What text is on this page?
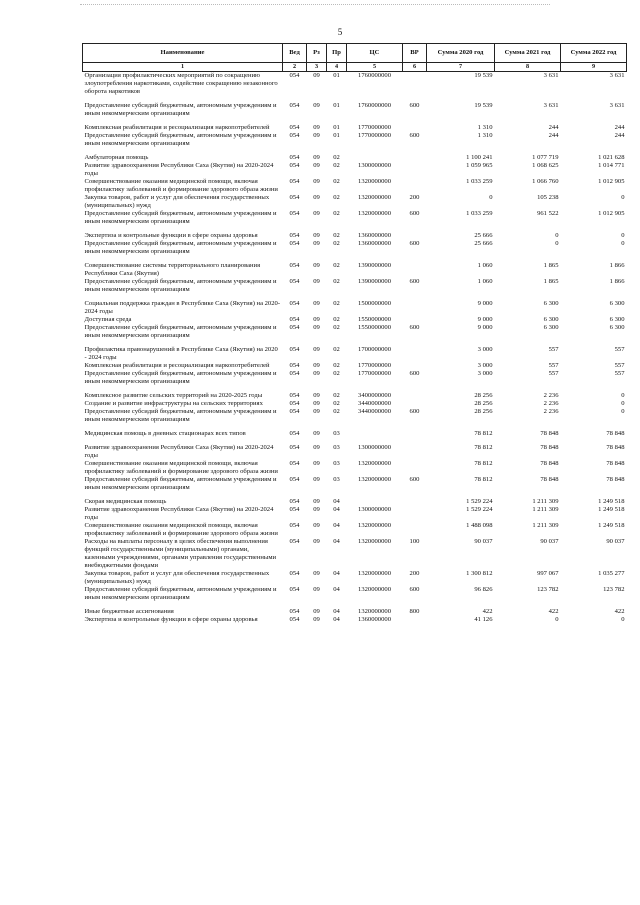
5
Наименование	Вед	Рз	Пр	ЦС	ВР	Сумма 2020 год	Сумма 2021 год	Сумма 2022 год
1	2	3	4	5	6	7	8	9
Организация профилактических мероприятий по сокращению злоупотребления наркотиками, содействие сокращению незаконного оборота наркотиков	054	09	01	1760000000		19 539	3 631	3 631

Предоставление субсидий бюджетным, автономным учреждениям и иным некоммерческим организациям	054	09	01	1760000000	600	19 539	3 631	3 631

Комплексная реабилитация и ресоциализация наркопотребителей	054	09	01	1770000000		1 310	244	244
Предоставление субсидий бюджетным, автономным учреждениям и иным некоммерческим организациям	054	09	01	1770000000	600	1 310	244	244

Амбулаторная помощь	054	09	02			1 100 241	1 077 719	1 021 628
Развитие здравоохранения Республики Саха (Якутия) на 2020-2024 годы	054	09	02	1300000000		1 059 965	1 068 625	1 014 771
Совершенствование оказания медицинской помощи, включая профилактику заболеваний и формирование здорового образа жизни	054	09	02	1320000000		1 033 259	1 066 760	1 012 905
Закупка товаров, работ и услуг для обеспечения государственных (муниципальных) нужд	054	09	02	1320000000	200	0	105 238	0
Предоставление субсидий бюджетным, автономным учреждениям и иным некоммерческим организациям	054	09	02	1320000000	600	1 033 259	961 522	1 012 905

Экспертиза и контрольные функции в сфере охраны здоровья	054	09	02	1360000000		25 666	0	0
Предоставление субсидий бюджетным, автономным учреждениям и иным некоммерческим организациям	054	09	02	1360000000	600	25 666	0	0

Совершенствование системы территориального планирования Республики Саха (Якутия)	054	09	02	1390000000		1 060	1 865	1 866
Предоставление субсидий бюджетным, автономным учреждениям и иным некоммерческим организациям	054	09	02	1390000000	600	1 060	1 865	1 866

Социальная поддержка граждан в Республике Саха (Якутия) на 2020-2024 годы	054	09	02	1500000000		9 000	6 300	6 300
Доступная среда	054	09	02	1550000000		9 000	6 300	6 300
Предоставление субсидий бюджетным, автономным учреждениям и иным некоммерческим организациям	054	09	02	1550000000	600	9 000	6 300	6 300

Профилактика правонарушений в Республике Саха (Якутия) на 2020 - 2024 годы	054	09	02	1700000000		3 000	557	557
Комплексная реабилитация и ресоциализация наркопотребителей	054	09	02	1770000000		3 000	557	557
Предоставление субсидий бюджетным, автономным учреждениям и иным некоммерческим организациям	054	09	02	1770000000	600	3 000	557	557

Комплексное развитие сельских территорий на 2020-2025 годы	054	09	02	3400000000		28 256	2 236	0
Создание и развитие инфраструктуры на сельских территориях	054	09	02	3440000000		28 256	2 236	0
Предоставление субсидий бюджетным, автономным учреждениям и иным некоммерческим организациям	054	09	02	3440000000	600	28 256	2 236	0

Медицинская помощь в дневных стационарах всех типов	054	09	03			78 812	78 848	78 848

Развитие здравоохранения Республики Саха (Якутия) на 2020-2024 годы	054	09	03	1300000000		78 812	78 848	78 848
Совершенствование оказания медицинской помощи, включая профилактику заболеваний и формирование здорового образа жизни	054	09	03	1320000000		78 812	78 848	78 848
Предоставление субсидий бюджетным, автономным учреждениям и иным некоммерческим организациям	054	09	03	1320000000	600	78 812	78 848	78 848

Скорая медицинская помощь	054	09	04			1 529 224	1 211 309	1 249 518
Развитие здравоохранения Республики Саха (Якутия) на 2020-2024 годы	054	09	04	1300000000		1 529 224	1 211 309	1 249 518
Совершенствование оказания медицинской помощи, включая профилактику заболеваний и формирование здорового образа жизни	054	09	04	1320000000		1 488 098	1 211 309	1 249 518
Расходы на выплаты персоналу в целях обеспечения выполнения функций государственными (муниципальными) органами, казенными учреждениями, органами управления государственными внебюджетными фондами	054	09	04	1320000000	100	90 037	90 037	90 037
Закупка товаров, работ и услуг для обеспечения государственных (муниципальных) нужд	054	09	04	1320000000	200	1 300 812	997 067	1 035 277
Предоставление субсидий бюджетным, автономным учреждениям и иным некоммерческим организациям	054	09	04	1320000000	600	96 826	123 782	123 782

Иные бюджетные ассигнования	054	09	04	1320000000	800	422	422	422
Экспертиза и контрольные функции в сфере охраны здоровья	054	09	04	1360000000		41 126	0	0
